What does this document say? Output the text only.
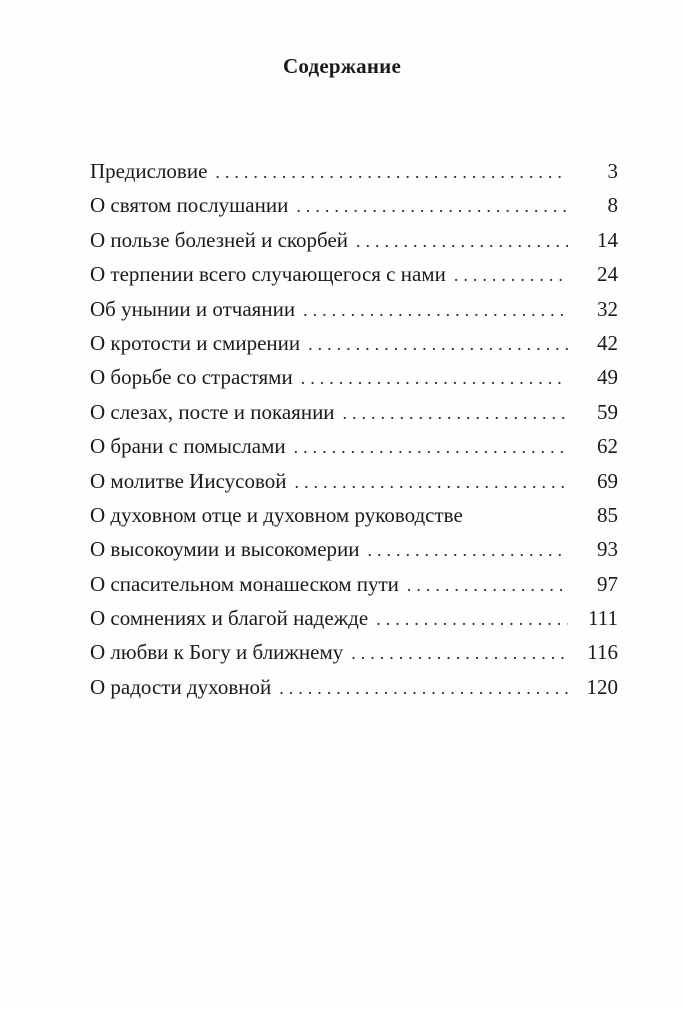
Содержание
Предисловие . . .	3
О святом послушании . . .	8
О пользе болезней и скорбей . . .	14
О терпении всего случающегося с нами . . .	24
Об унынии и отчаянии . . .	32
О кротости и смирении . . .	42
О борьбе со страстями . . .	49
О слезах, посте и покаянии . . .	59
О брани с помыслами . . .	62
О молитве Иисусовой . . .	69
О духовном отце и духовном руководстве	85
О высокоумии и высокомерии . . .	93
О спасительном монашеском пути . . .	97
О сомнениях и благой надежде . . .	111
О любви к Богу и ближнему . . .	116
О радости духовной . . .	120
